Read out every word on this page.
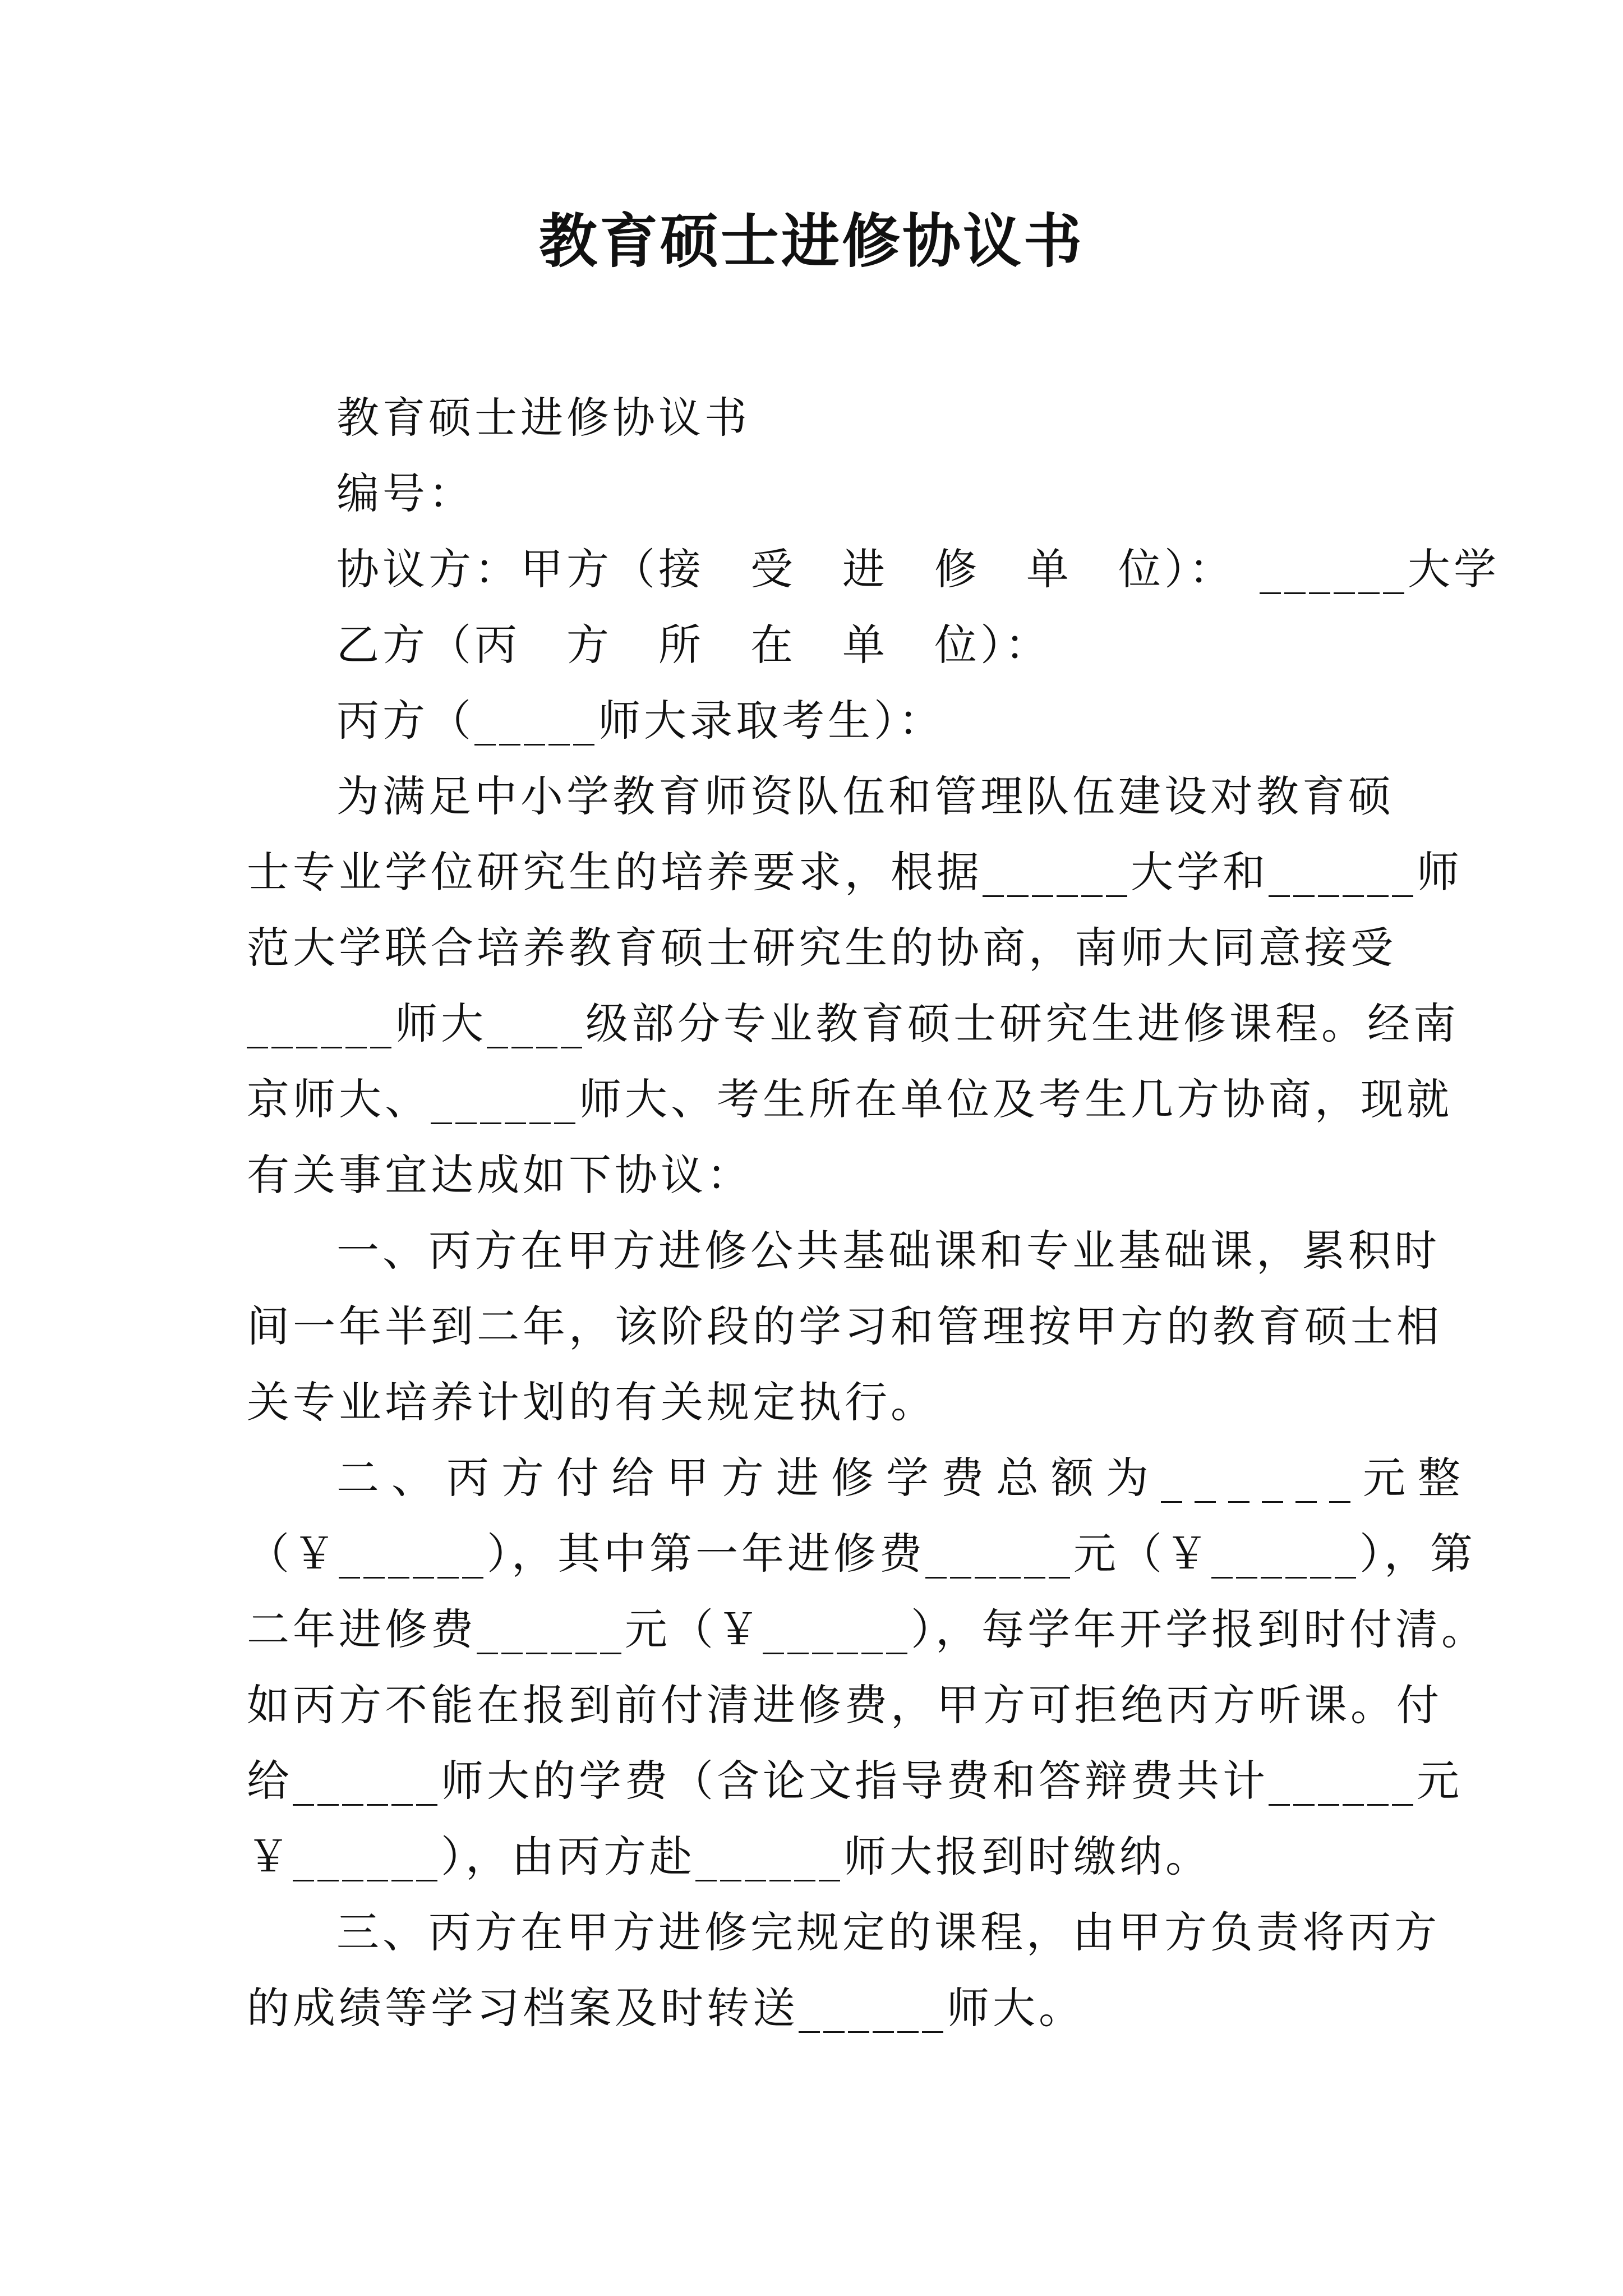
教育硕士进修协议书
教育硕士进修协议书
编号：
协议方：甲方（接　受　进　修　单　位）：　______大学
乙方（丙　方　所　在　单　位）：
丙方（_____师大录取考生）：
为满足中小学教育师资队伍和管理队伍建设对教育硕
士专业学位研究生的培养要求，根据______大学和______师
范大学联合培养教育硕士研究生的协商，南师大同意接受
______师大____级部分专业教育硕士研究生进修课程。经南
京师大、______师大、考生所在单位及考生几方协商，现就
有关事宜达成如下协议：
一、丙方在甲方进修公共基础课和专业基础课，累积时
间一年半到二年，该阶段的学习和管理按甲方的教育硕士相
关专业培养计划的有关规定执行。
二、丙方付给甲方进修学费总额为______元整
（￥______），其中第一年进修费______元（￥______），第
二年进修费______元（￥______），每学年开学报到时付清。
如丙方不能在报到前付清进修费，甲方可拒绝丙方听课。付
给______师大的学费（含论文指导费和答辩费共计______元
￥______），由丙方赴______师大报到时缴纳。
三、丙方在甲方进修完规定的课程，由甲方负责将丙方
的成绩等学习档案及时转送______师大。
